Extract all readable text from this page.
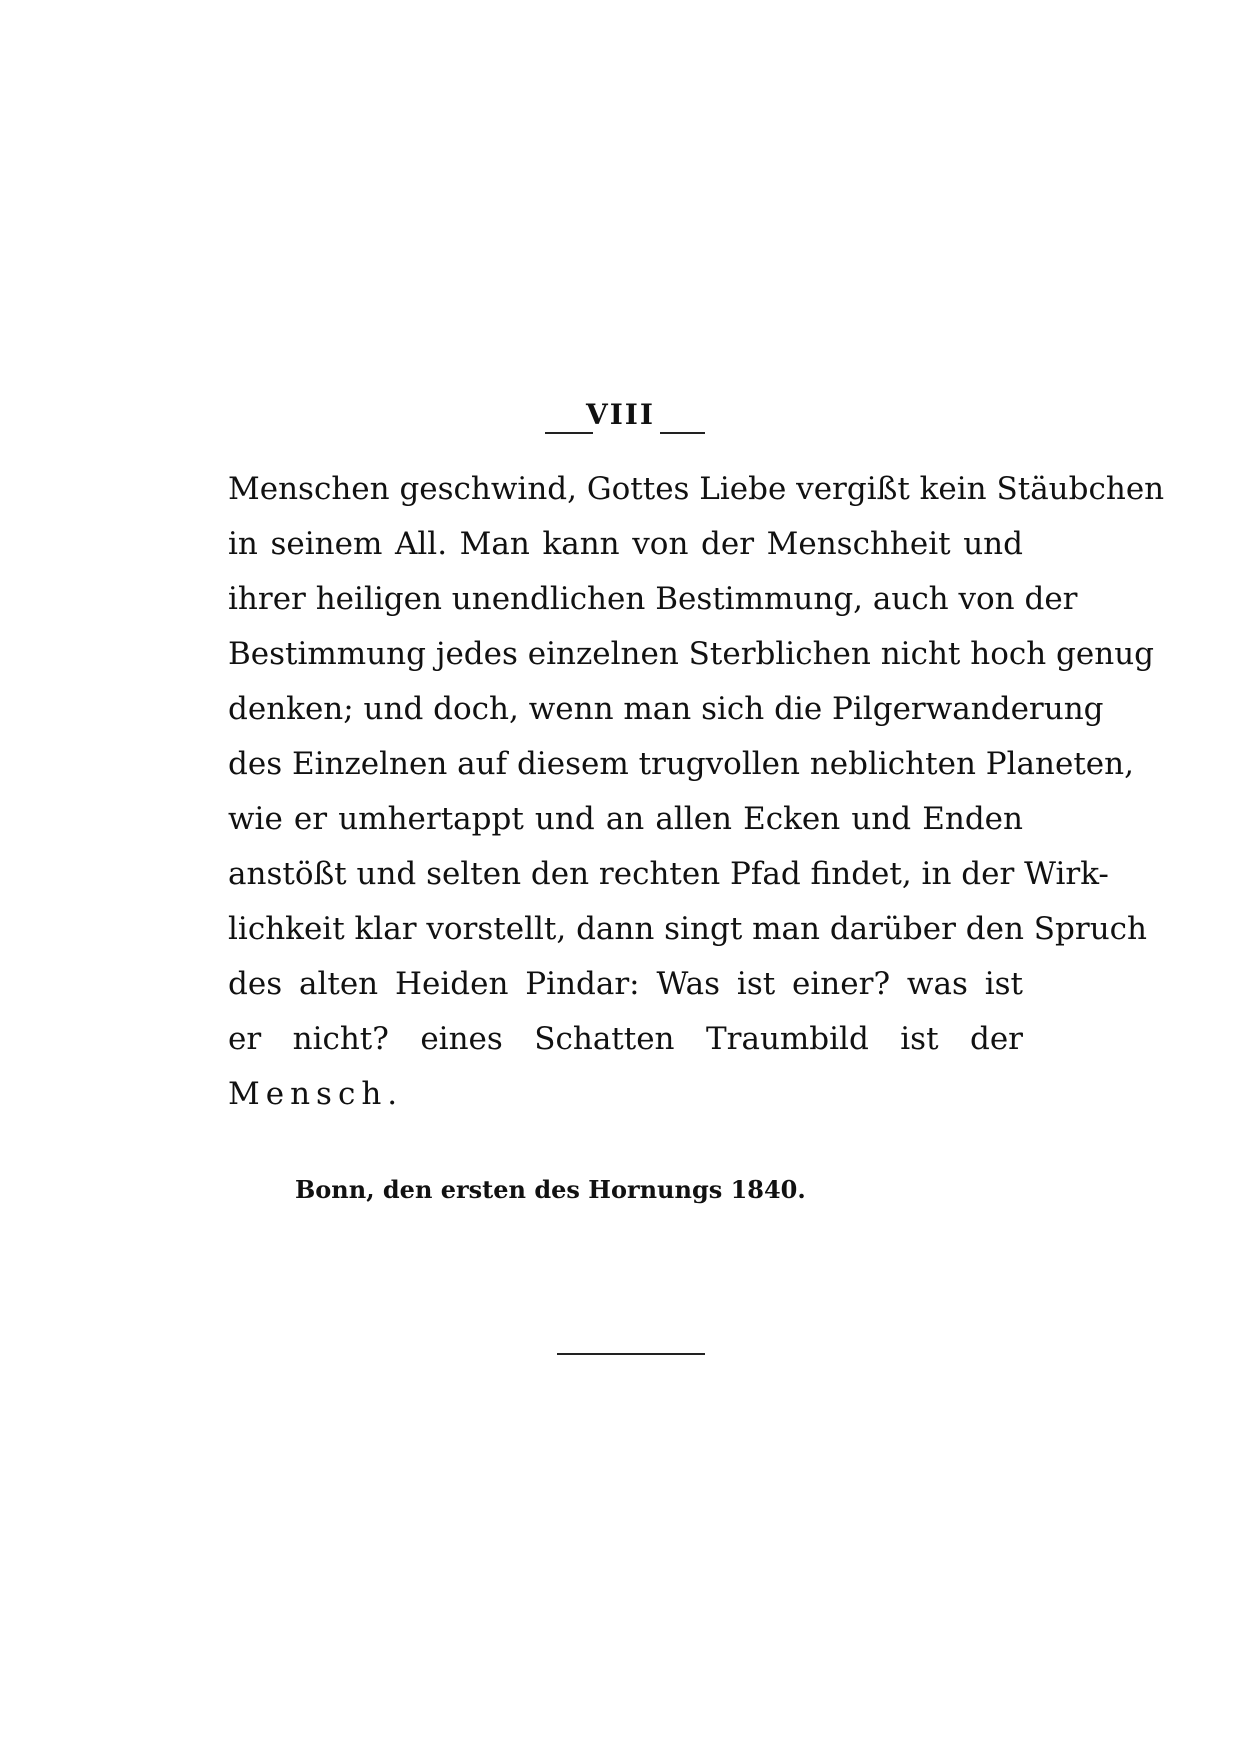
VIII
Menschen geschwind, Gottes Liebe vergißt kein Stäubchen
in seinem All. Man kann von der Menschheit und
ihrer heiligen unendlichen Bestimmung, auch von der
Bestimmung jedes einzelnen Sterblichen nicht hoch genug
denken; und doch, wenn man sich die Pilgerwanderung
des Einzelnen auf diesem trugvollen neblichten Planeten,
wie er umhertappt und an allen Ecken und Enden
anstößt und selten den rechten Pfad findet, in der Wirk-
lichkeit klar vorstellt, dann singt man darüber den Spruch
des alten Heiden Pindar: Was ist einer? was ist
er nicht? eines Schatten Traumbild ist der
Mensch.
Bonn, den ersten des Hornungs 1840.
